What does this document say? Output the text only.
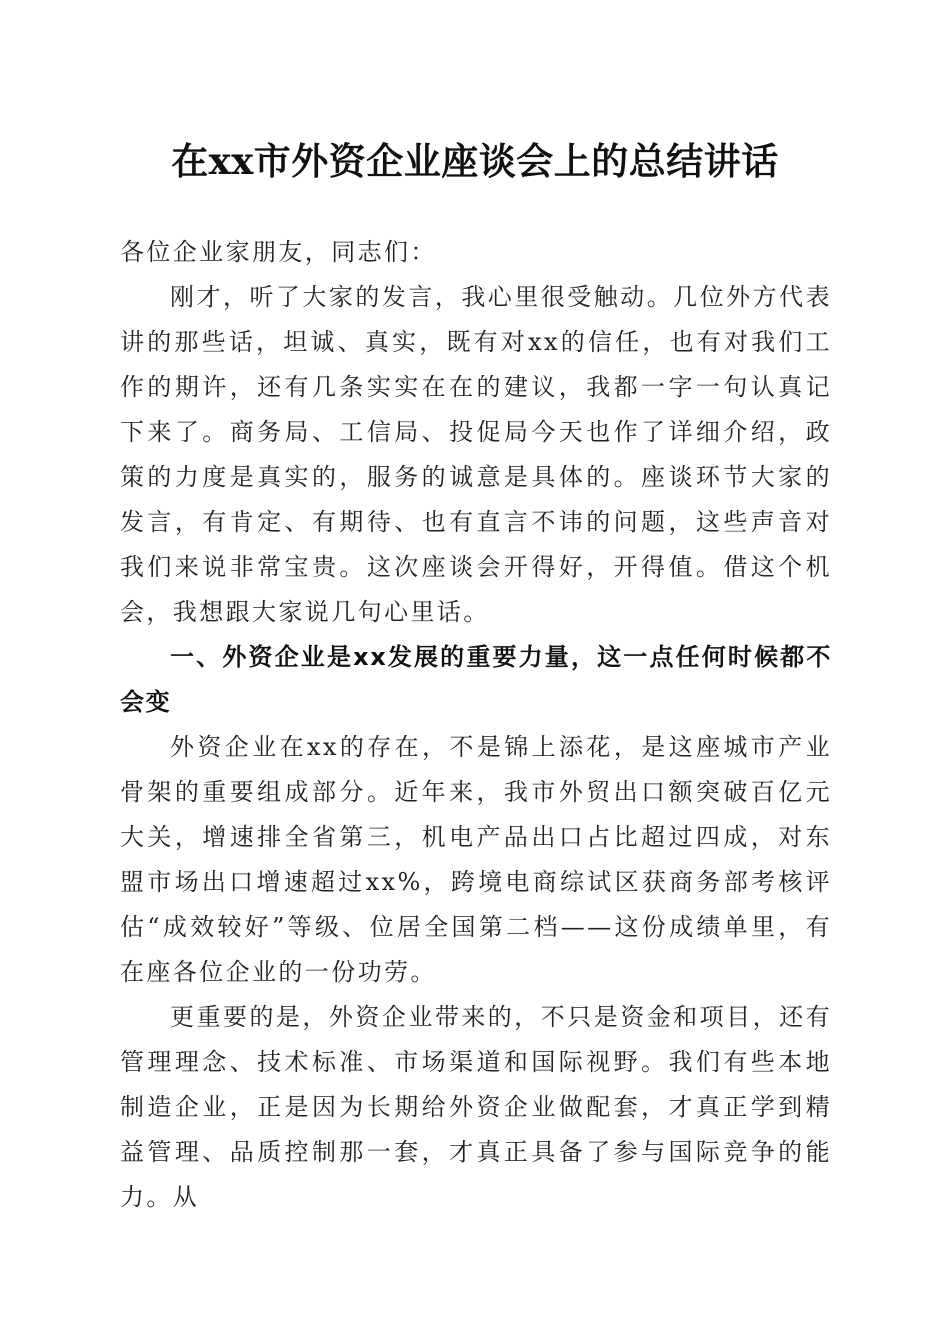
在xx市外资企业座谈会上的总结讲话

各位企业家朋友，同志们：

刚才，听了大家的发言，我心里很受触动。几位外方代表讲的那些话，坦诚、真实，既有对xx的信任，也有对我们工作的期许，还有几条实实在在的建议，我都一字一句认真记下来了。商务局、工信局、投促局今天也作了详细介绍，政策的力度是真实的，服务的诚意是具体的。座谈环节大家的发言，有肯定、有期待、也有直言不讳的问题，这些声音对我们来说非常宝贵。这次座谈会开得好，开得值。借这个机会，我想跟大家说几句心里话。

一、外资企业是xx发展的重要力量，这一点任何时候都不会变

外资企业在xx的存在，不是锦上添花，是这座城市产业骨架的重要组成部分。近年来，我市外贸出口额突破百亿元大关，增速排全省第三，机电产品出口占比超过四成，对东盟市场出口增速超过xx%，跨境电商综试区获商务部考核评估“成效较好”等级、位居全国第二档——这份成绩单里，有在座各位企业的一份功劳。

更重要的是，外资企业带来的，不只是资金和项目，还有管理理念、技术标准、市场渠道和国际视野。我们有些本地制造企业，正是因为长期给外资企业做配套，才真正学到精益管理、品质控制那一套，才真正具备了参与国际竞争的能力。从
